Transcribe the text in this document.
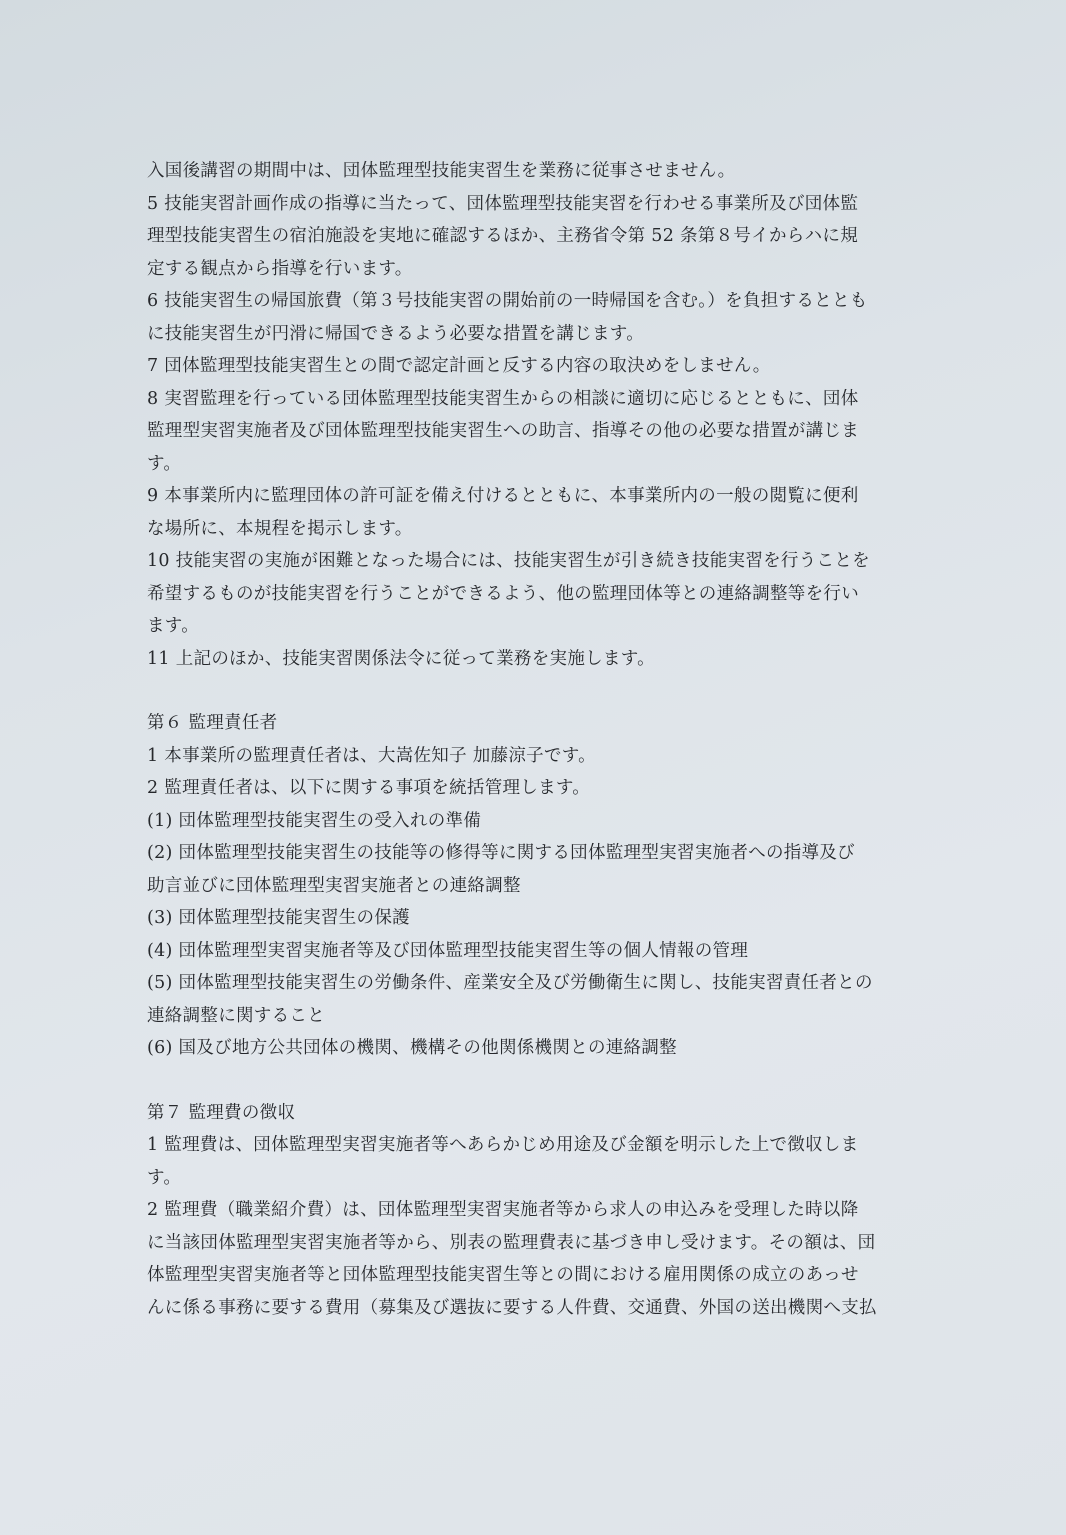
入国後講習の期間中は、団体監理型技能実習生を業務に従事させません。
5 技能実習計画作成の指導に当たって、団体監理型技能実習を行わせる事業所及び団体監
理型技能実習生の宿泊施設を実地に確認するほか、主務省令第 52 条第８号イからハに規
定する観点から指導を行います。
6 技能実習生の帰国旅費（第３号技能実習の開始前の一時帰国を含む。）を負担するととも
に技能実習生が円滑に帰国できるよう必要な措置を講じます。
7 団体監理型技能実習生との間で認定計画と反する内容の取決めをしません。
8 実習監理を行っている団体監理型技能実習生からの相談に適切に応じるとともに、団体
監理型実習実施者及び団体監理型技能実習生への助言、指導その他の必要な措置が講じま
す。
9 本事業所内に監理団体の許可証を備え付けるとともに、本事業所内の一般の閲覧に便利
な場所に、本規程を掲示します。
10 技能実習の実施が困難となった場合には、技能実習生が引き続き技能実習を行うことを
希望するものが技能実習を行うことができるよう、他の監理団体等との連絡調整等を行い
ます。
11 上記のほか、技能実習関係法令に従って業務を実施します。
第６ 監理責任者
1 本事業所の監理責任者は、大嵩佐知子 加藤涼子です。
2 監理責任者は、以下に関する事項を統括管理します。
(1) 団体監理型技能実習生の受入れの準備
(2) 団体監理型技能実習生の技能等の修得等に関する団体監理型実習実施者への指導及び
助言並びに団体監理型実習実施者との連絡調整
(3) 団体監理型技能実習生の保護
(4) 団体監理型実習実施者等及び団体監理型技能実習生等の個人情報の管理
(5) 団体監理型技能実習生の労働条件、産業安全及び労働衛生に関し、技能実習責任者との
連絡調整に関すること
(6) 国及び地方公共団体の機関、機構その他関係機関との連絡調整
第７ 監理費の徴収
1 監理費は、団体監理型実習実施者等へあらかじめ用途及び金額を明示した上で徴収しま
す。
2 監理費（職業紹介費）は、団体監理型実習実施者等から求人の申込みを受理した時以降
に当該団体監理型実習実施者等から、別表の監理費表に基づき申し受けます。その額は、団
体監理型実習実施者等と団体監理型技能実習生等との間における雇用関係の成立のあっせ
んに係る事務に要する費用（募集及び選抜に要する人件費、交通費、外国の送出機関へ支払
